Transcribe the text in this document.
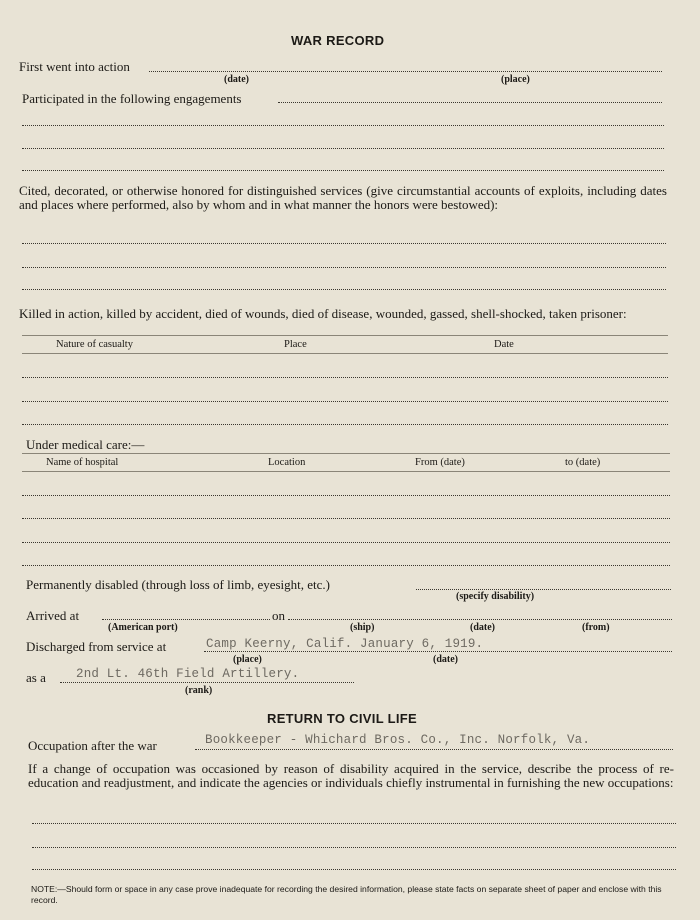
WAR RECORD
First went into action
(date)	(place)
Participated in the following engagements
Cited, decorated, or otherwise honored for distinguished services (give circumstantial accounts of exploits, including dates and places where performed, also by whom and in what manner the honors were bestowed):
Killed in action, killed by accident, died of wounds, died of disease, wounded, gassed, shell-shocked, taken prisoner:
Nature of casualty	Place	Date
Under medical care:—
Name of hospital	Location	From (date)	to (date)
Permanently disabled (through loss of limb, eyesight, etc.)
(specify disability)
Arrived at	on
(American port)	(ship)	(date)	(from)
Discharged from service at	Camp Keerny, Calif. January 6, 1919.
(place)	(date)
as a 2nd Lt. 46th Field Artillery.
(rank)
RETURN TO CIVIL LIFE
Occupation after the war	Bookkeeper - Whichard Bros. Co., Inc. Norfolk, Va.
If a change of occupation was occasioned by reason of disability acquired in the service, describe the process of re-education and readjustment, and indicate the agencies or individuals chiefly instrumental in furnishing the new occupations:
NOTE:—Should form or space in any case prove inadequate for recording the desired information, please state facts on separate sheet of paper and enclose with this record.
